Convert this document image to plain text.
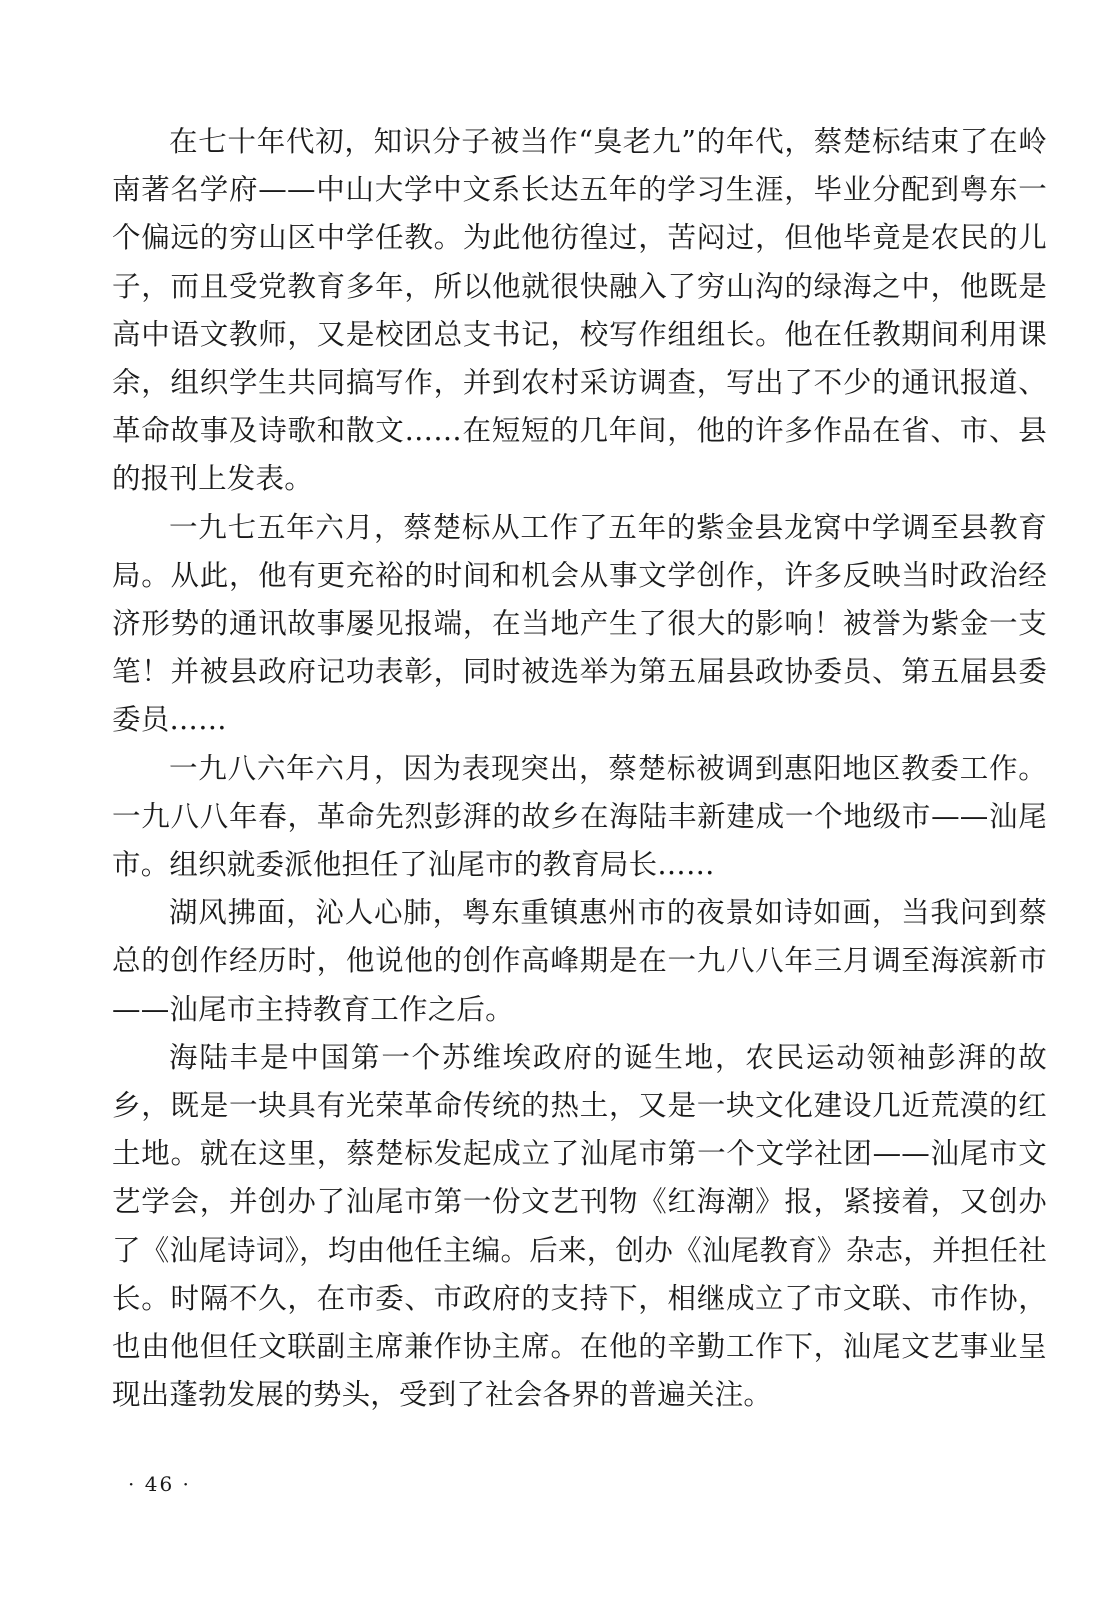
在七十年代初，知识分子被当作“臭老九”的年代，蔡楚标结束了在岭南著名学府——中山大学中文系长达五年的学习生涯，毕业分配到粤东一个偏远的穷山区中学任教。为此他彷徨过，苦闷过，但他毕竟是农民的儿子，而且受党教育多年，所以他就很快融入了穷山沟的绿海之中，他既是高中语文教师，又是校团总支书记，校写作组组长。他在任教期间利用课余，组织学生共同搞写作，并到农村采访调查，写出了不少的通讯报道、革命故事及诗歌和散文……在短短的几年间，他的许多作品在省、市、县的报刊上发表。

一九七五年六月，蔡楚标从工作了五年的紫金县龙窝中学调至县教育局。从此，他有更充裕的时间和机会从事文学创作，许多反映当时政治经济形势的通讯故事屡见报端，在当地产生了很大的影响！被誉为紫金一支笔！并被县政府记功表彰，同时被选举为第五届县政协委员、第五届县委委员……

一九八六年六月，因为表现突出，蔡楚标被调到惠阳地区教委工作。一九八八年春，革命先烈彭湃的故乡在海陆丰新建成一个地级市——汕尾市。组织就委派他担任了汕尾市的教育局长……

湖风拂面，沁人心肺，粤东重镇惠州市的夜景如诗如画，当我问到蔡总的创作经历时，他说他的创作高峰期是在一九八八年三月调至海滨新市——汕尾市主持教育工作之后。

海陆丰是中国第一个苏维埃政府的诞生地，农民运动领袖彭湃的故乡，既是一块具有光荣革命传统的热土，又是一块文化建设几近荒漠的红土地。就在这里，蔡楚标发起成立了汕尾市第一个文学社团——汕尾市文艺学会，并创办了汕尾市第一份文艺刊物《红海潮》报，紧接着，又创办了《汕尾诗词》，均由他任主编。后来，创办《汕尾教育》杂志，并担任社长。时隔不久，在市委、市政府的支持下，相继成立了市文联、市作协，也由他但任文联副主席兼作协主席。在他的辛勤工作下，汕尾文艺事业呈现出蓬勃发展的势头，受到了社会各界的普遍关注。

· 46 ·
